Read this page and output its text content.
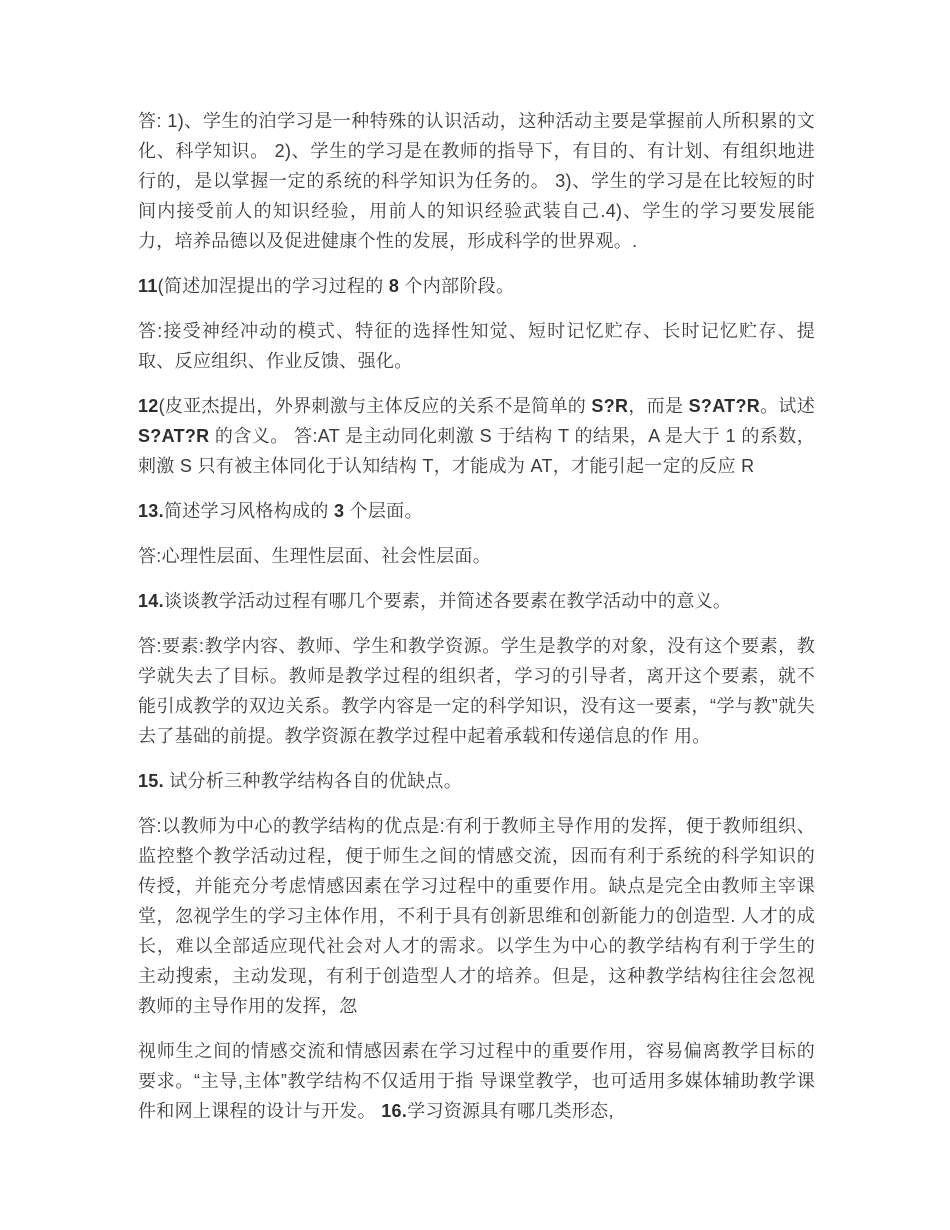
答: 1)、学生的泊学习是一种特殊的认识活动，这种活动主要是掌握前人所积累的文化、科学知识。 2)、学生的学习是在教师的指导下，有目的、有计划、有组织地进行的，是以掌握一定的系统的科学知识为任务的。 3)、学生的学习是在比较短的时间内接受前人的知识经验，用前人的知识经验武装自己.4)、学生的学习要发展能力，培养品德以及促进健康个性的发展，形成科学的世界观。.

11(简述加涅提出的学习过程的 8 个内部阶段。

答:接受神经冲动的模式、特征的选择性知觉、短时记忆贮存、长时记忆贮存、提取、反应组织、作业反馈、强化。

12(皮亚杰提出，外界刺激与主体反应的关系不是简单的 S?R，而是 S?AT?R。试述 S?AT?R 的含义。 答:AT 是主动同化刺激 S 于结构 T 的结果，A 是大于 1 的系数，刺激 S 只有被主体同化于认知结构 T，才能成为 AT，才能引起一定的反应 R

13.简述学习风格构成的 3 个层面。

答:心理性层面、生理性层面、社会性层面。

14.谈谈教学活动过程有哪几个要素，并简述各要素在教学活动中的意义。

答:要素:教学内容、教师、学生和教学资源。学生是教学的对象，没有这个要素，教学就失去了目标。教师是教学过程的组织者，学习的引导者，离开这个要素，就不能引成教学的双边关系。教学内容是一定的科学知识，没有这一要素，“学与教”就失去了基础的前提。教学资源在教学过程中起着承载和传递信息的作 用。

15. 试分析三种教学结构各自的优缺点。

答:以教师为中心的教学结构的优点是:有利于教师主导作用的发挥，便于教师组织、监控整个教学活动过程，便于师生之间的情感交流，因而有利于系统的科学知识的传授，并能充分考虑情感因素在学习过程中的重要作用。缺点是完全由教师主宰课堂，忽视学生的学习主体作用，不利于具有创新思维和创新能力的创造型. 人才的成长，难以全部适应现代社会对人才的需求。以学生为中心的教学结构有利于学生的主动搜索，主动发现，有利于创造型人才的培养。但是，这种教学结构往往会忽视教师的主导作用的发挥，忽

视师生之间的情感交流和情感因素在学习过程中的重要作用，容易偏离教学目标的要求。“主导,主体”教学结构不仅适用于指 导课堂教学，也可适用多媒体辅助教学课件和网上课程的设计与开发。 16.学习资源具有哪几类形态,
